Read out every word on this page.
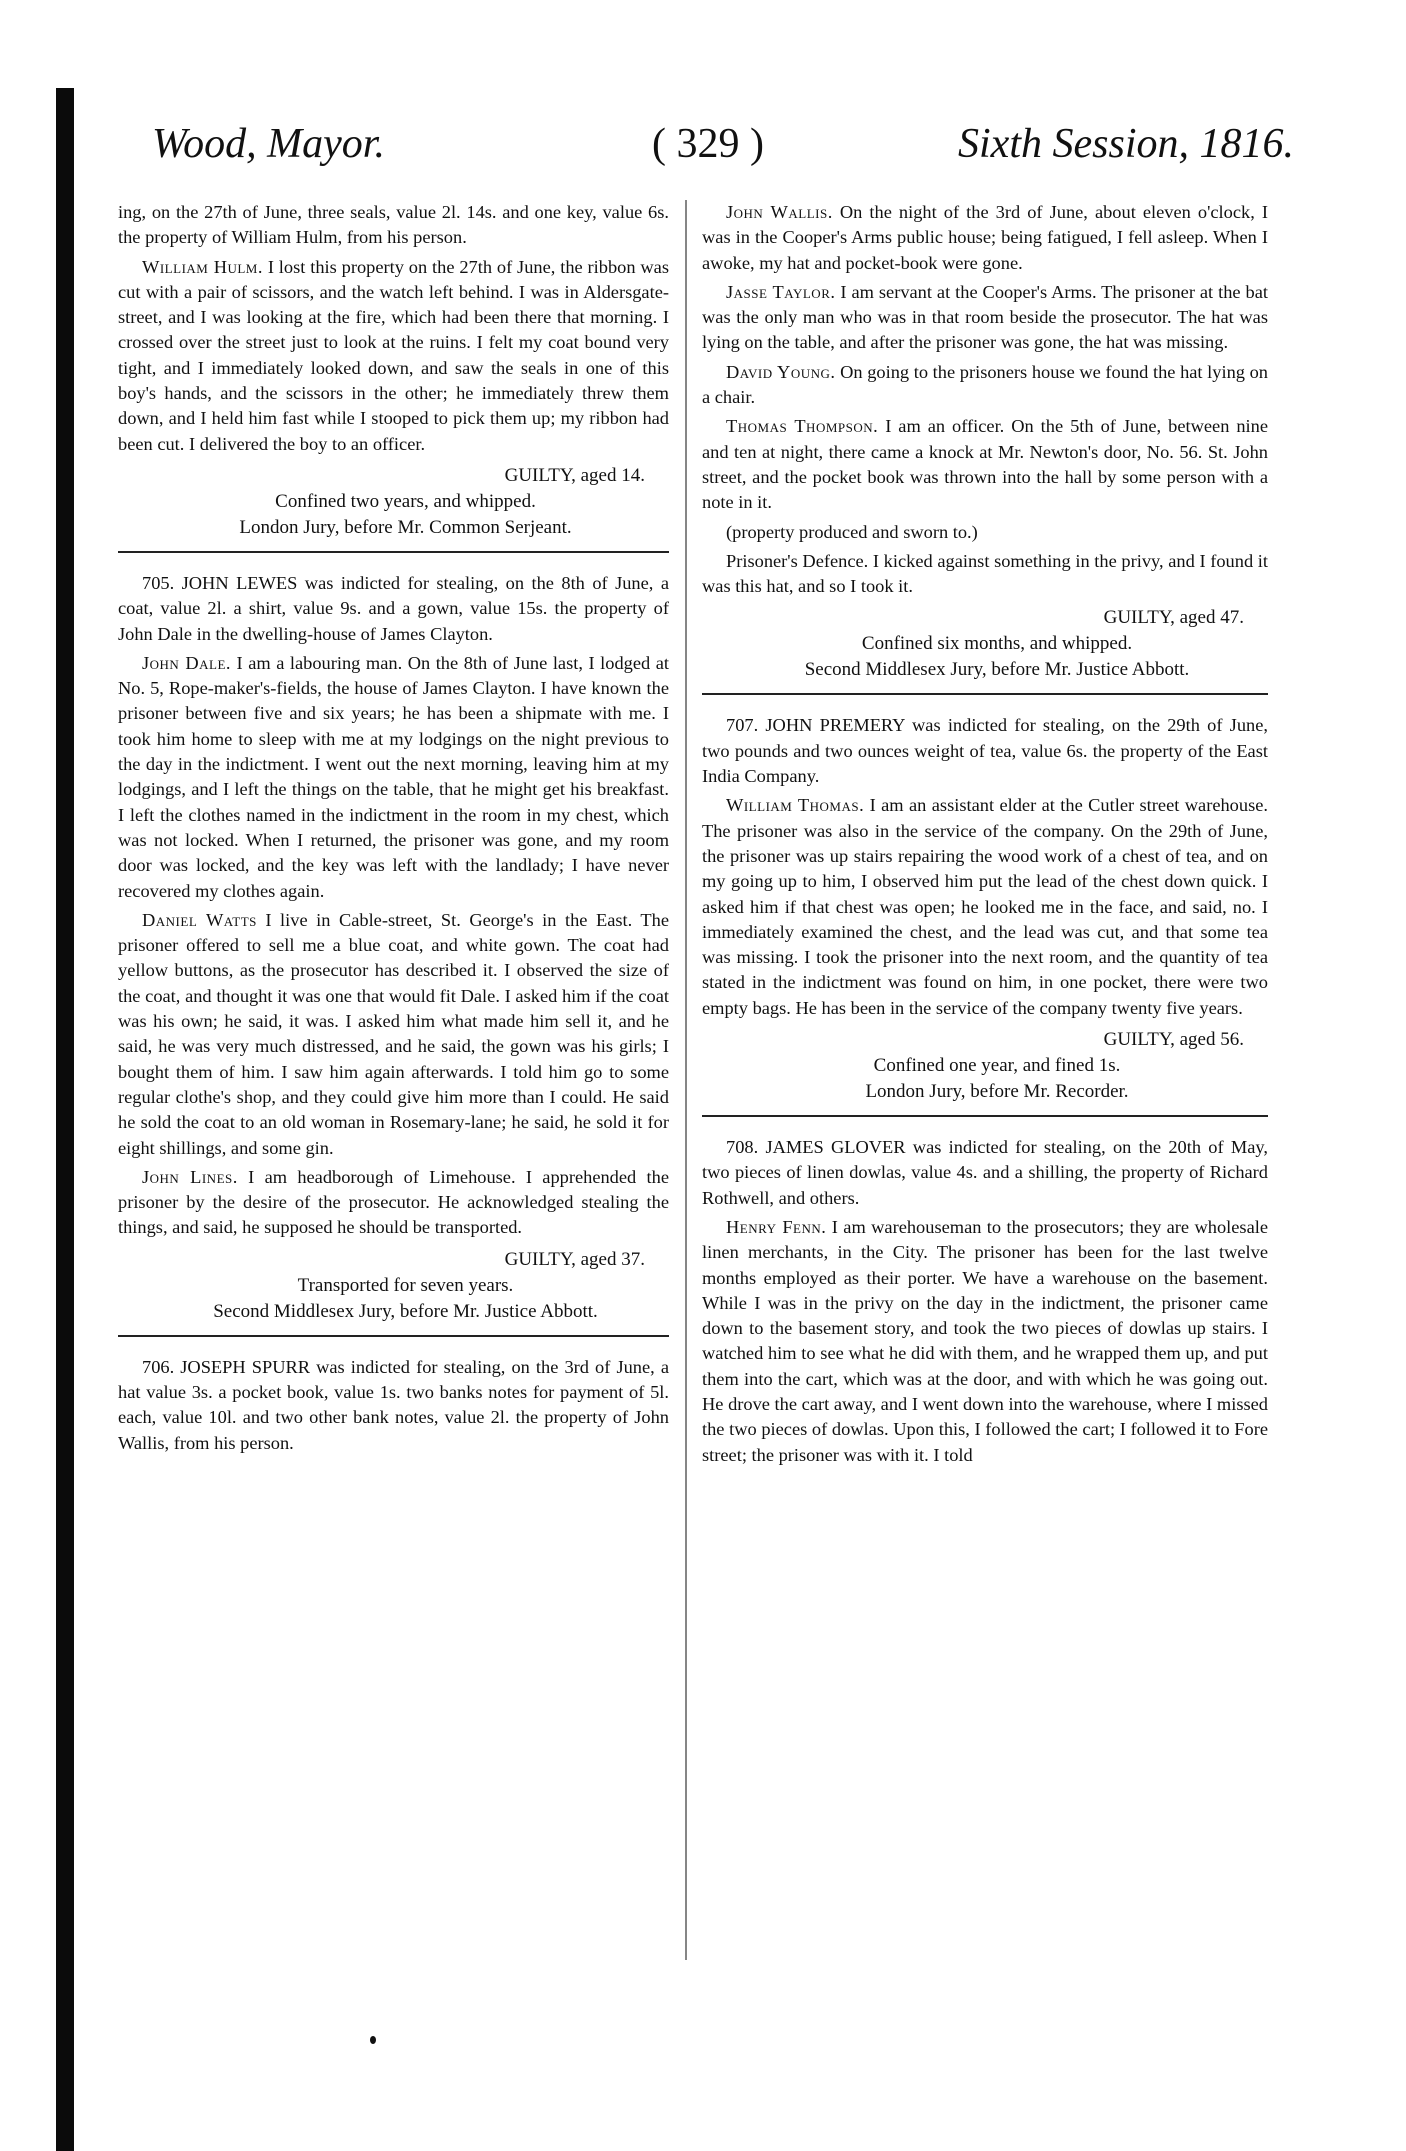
Wood, Mayor.	( 329 )	Sixth Session, 1816.

ing, on the 27th of June, three seals, value 2l. 14s. and one key, value 6s. the property of William Hulm, from his person.

William Hulm. I lost this property on the 27th of June, the ribbon was cut with a pair of scissors, and the watch left behind. I was in Aldersgate-street, and I was looking at the fire, which had been there that morning. I crossed over the street just to look at the ruins. I felt my coat bound very tight, and I immediately looked down, and saw the seals in one of this boy's hands, and the scissors in the other; he immediately threw them down, and I held him fast while I stooped to pick them up; my ribbon had been cut. I delivered the boy to an officer.

GUILTY, aged 14.

Confined two years, and whipped.

London Jury, before Mr. Common Serjeant.

705. JOHN LEWES was indicted for stealing, on the 8th of June, a coat, value 2l. a shirt, value 9s. and a gown, value 15s. the property of John Dale in the dwelling-house of James Clayton.

John Dale. I am a labouring man. On the 8th of June last, I lodged at No. 5, Rope-maker's-fields, the house of James Clayton. I have known the prisoner between five and six years; he has been a shipmate with me. I took him home to sleep with me at my lodgings on the night previous to the day in the indictment. I went out the next morning, leaving him at my lodgings, and I left the things on the table, that he might get his breakfast. I left the clothes named in the indictment in the room in my chest, which was not locked. When I returned, the prisoner was gone, and my room door was locked, and the key was left with the landlady; I have never recovered my clothes again.

Daniel Watts I live in Cable-street, St. George's in the East. The prisoner offered to sell me a blue coat, and white gown. The coat had yellow buttons, as the prosecutor has described it. I observed the size of the coat, and thought it was one that would fit Dale. I asked him if the coat was his own; he said, it was. I asked him what made him sell it, and he said, he was very much distressed, and he said, the gown was his girls; I bought them of him. I saw him again afterwards. I told him go to some regular clothe's shop, and they could give him more than I could. He said he sold the coat to an old woman in Rosemary-lane; he said, he sold it for eight shillings, and some gin.

John Lines. I am headborough of Limehouse. I apprehended the prisoner by the desire of the prosecutor. He acknowledged stealing the things, and said, he supposed he should be transported.

GUILTY, aged 37.

Transported for seven years.

Second Middlesex Jury, before Mr. Justice Abbott.

706. JOSEPH SPURR was indicted for stealing, on the 3rd of June, a hat value 3s. a pocket book, value 1s. two banks notes for payment of 5l. each, value 10l. and two other bank notes, value 2l. the property of John Wallis, from his person.

John Wallis. On the night of the 3rd of June, about eleven o'clock, I was in the Cooper's Arms public house; being fatigued, I fell asleep. When I awoke, my hat and pocket-book were gone.

Jasse Taylor. I am servant at the Cooper's Arms. The prisoner at the bat was the only man who was in that room beside the prosecutor. The hat was lying on the table, and after the prisoner was gone, the hat was missing.

David Young. On going to the prisoners house we found the hat lying on a chair.

Thomas Thompson. I am an officer. On the 5th of June, between nine and ten at night, there came a knock at Mr. Newton's door, No. 56. St. John street, and the pocket book was thrown into the hall by some person with a note in it.

(property produced and sworn to.)

Prisoner's Defence. I kicked against something in the privy, and I found it was this hat, and so I took it.

GUILTY, aged 47.

Confined six months, and whipped.

Second Middlesex Jury, before Mr. Justice Abbott.

707. JOHN PREMERY was indicted for stealing, on the 29th of June, two pounds and two ounces weight of tea, value 6s. the property of the East India Company.

William Thomas. I am an assistant elder at the Cutler street warehouse. The prisoner was also in the service of the company. On the 29th of June, the prisoner was up stairs repairing the wood work of a chest of tea, and on my going up to him, I observed him put the lead of the chest down quick. I asked him if that chest was open; he looked me in the face, and said, no. I immediately examined the chest, and the lead was cut, and that some tea was missing. I took the prisoner into the next room, and the quantity of tea stated in the indictment was found on him, in one pocket, there were two empty bags. He has been in the service of the company twenty five years.

GUILTY, aged 56.

Confined one year, and fined 1s.

London Jury, before Mr. Recorder.

708. JAMES GLOVER was indicted for stealing, on the 20th of May, two pieces of linen dowlas, value 4s. and a shilling, the property of Richard Rothwell, and others.

Henry Fenn. I am warehouseman to the prosecutors; they are wholesale linen merchants, in the City. The prisoner has been for the last twelve months employed as their porter. We have a warehouse on the basement. While I was in the privy on the day in the indictment, the prisoner came down to the basement story, and took the two pieces of dowlas up stairs. I watched him to see what he did with them, and he wrapped them up, and put them into the cart, which was at the door, and with which he was going out. He drove the cart away, and I went down into the warehouse, where I missed the two pieces of dowlas. Upon this, I followed the cart; I followed it to Fore street; the prisoner was with it. I told
